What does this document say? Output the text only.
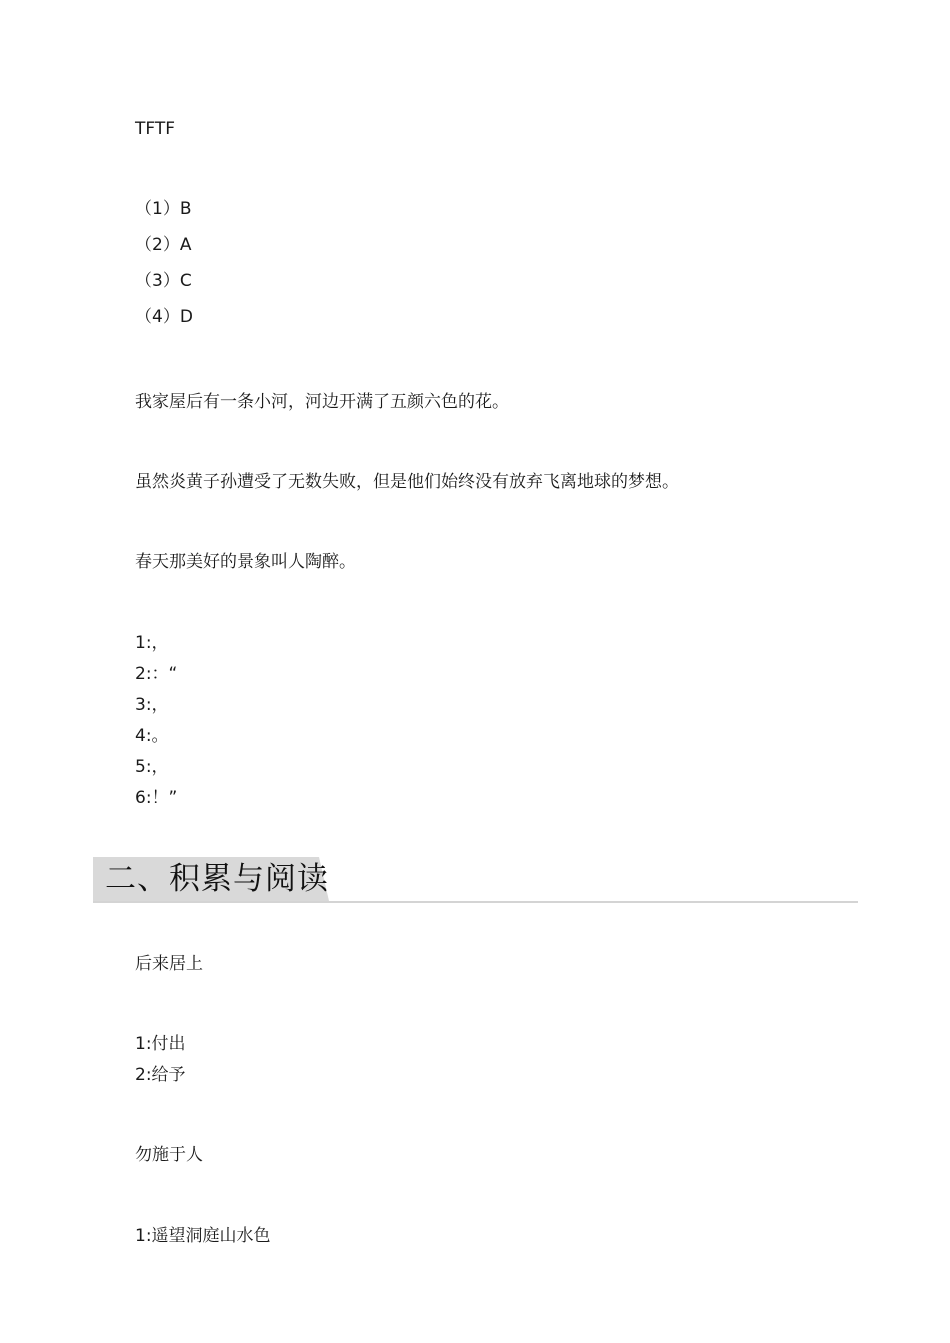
TFTF
（1）B
（2）A
（3）C
（4）D
我家屋后有一条小河，河边开满了五颜六色的花。
虽然炎黄子孙遭受了无数失败，但是他们始终没有放弃飞离地球的梦想。
春天那美好的景象叫人陶醉。
1:，
2:：“
3:，
4:。
5:，
6:！”
二、积累与阅读
后来居上
1:付出
2:给予
勿施于人
1:遥望洞庭山水色
